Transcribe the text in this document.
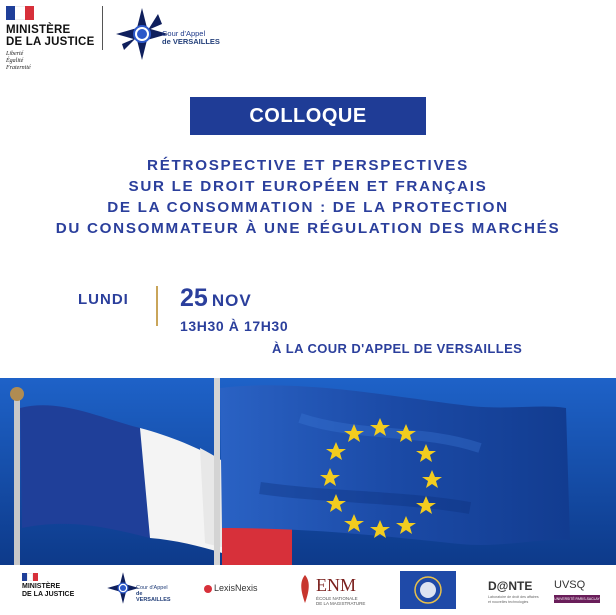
MINISTÈRE
DE LA JUSTICE
Liberté
Égalité
Fraternité
Cour d'Appel
de VERSAILLES
COLLOQUE
RÉTROSPECTIVE ET PERSPECTIVES
SUR LE DROIT EUROPÉEN ET FRANÇAIS
DE LA CONSOMMATION : DE LA PROTECTION
DU CONSOMMATEUR À UNE RÉGULATION DES MARCHÉS
LUNDI 25 NOV
13H30 À 17H30
À LA COUR D'APPEL DE VERSAILLES
MINISTÈRE
DE LA JUSTICE
Cour d'Appel
de VERSAILLES
LexisNexis	ENM
ÉCOLE NATIONALE
DE LA MAGISTRATURE
D@NTE
Laboratoire de droit des affaires
et nouvelles technologies
UVSQ
UNIVERSITÉ PARIS-SACLAY
